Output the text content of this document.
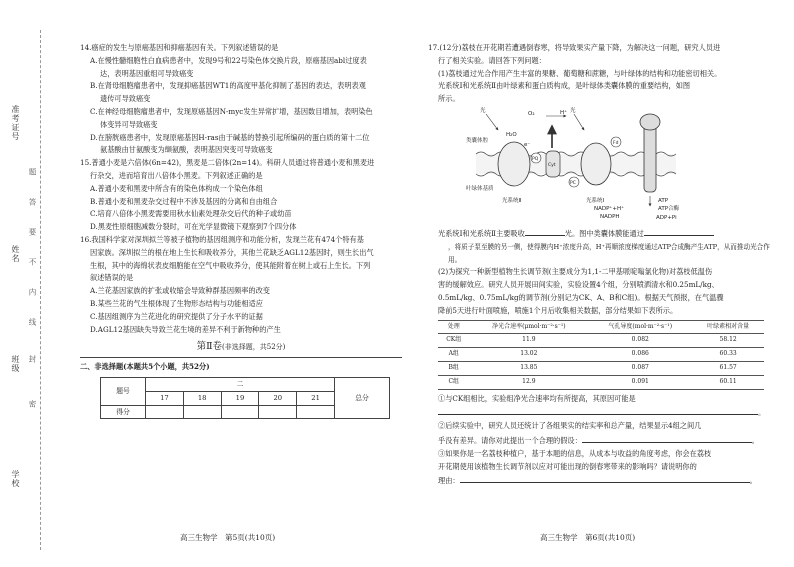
学校
班级
姓名
准考证号
密
封
线
内
不
要
答
题

14.癌症的发生与原癌基因和抑癌基因有关。下列叙述错误的是

A.在慢性髓细胞性白血病患者中，发现9号和22号染色体交换片段，原癌基因abl过度表

达，表明基因重组可导致癌变

B.在肾母细胞瘤患者中，发现抑癌基因WT1的高度甲基化抑制了基因的表达，表明表观

遗传可导致癌变

C.在神经母细胞瘤患者中，发现原癌基因N-myc发生异常扩增，基因数目增加，表明染色

体变异可导致癌变

D.在膀胱癌患者中，发现原癌基因H-ras由于碱基的替换引起所编码的蛋白质的第十二位

氨基酸由甘氨酸变为缬氨酸，表明基因突变可导致癌变

15.普通小麦是六倍体(6n=42)，黑麦是二倍体(2n=14)。科研人员通过将普通小麦和黑麦进

行杂交，进而培育出八倍体小黑麦。下列叙述正确的是

A.普通小麦和黑麦中所含有的染色体构成一个染色体组

B.普通小麦和黑麦杂交过程中不涉及基因的分离和自由组合

C.培育八倍体小黑麦需要用秋水仙素处理杂交后代的种子或幼苗

D.黑麦性原细胞减数分裂时，可在光学显微镜下观察到7个四分体

16.我国科学家对深圳拟兰等被子植物的基因组测序和功能分析，发现兰花有474个特有基

因家族。深圳拟兰的根在地上生长和吸收养分，其他兰花缺乏AGL12基因时，则生长出气

生根，其中的海绵状表皮细胞能在空气中吸收养分，使其能附着在树上或石上生长。下列

叙述错误的是

A.兰花基因家族的扩张或收缩会导致种群基因频率的改变

B.某些兰花的气生根体现了生物形态结构与功能相适应

C.基因组测序为兰花进化的研究提供了分子水平的证据

D.AGL12基因缺失导致兰花生境的差异不利于新物种的产生

第Ⅱ卷(非选择题，共52分)

二、非选择题(本题共5个小题，共52分)

题号	二					总分
	17	18	19	20	21	
得分						
高三生物学　第5页(共10页)

17.(12分)荔枝在开花期若遭遇倒春寒，将导致果实产量下降，为解决这一问题，研究人员进

行了相关实验。请回答下列问题：

(1)荔枝通过光合作用产生丰富的果糖、葡萄糖和蔗糖，与叶绿体的结构和功能密切相关。

光系统Ⅰ和光系统Ⅱ由叶绿素和蛋白质构成，是叶绿体类囊体膜的重要结构，如图

所示。

光	光
O₂	H⁺
e⁻
类囊体腔
H₂O
叶绿体基质
光系统Ⅱ	光系统Ⅰ
PQ
Cyt
PC
Fd
NADP⁺+H⁺
NADPH
ATP
ATP合酶
ADP+Pi

光系统Ⅰ和光系统Ⅱ主要吸收	光。图中类囊体膜能通过

，将质子泵至膜的另一侧，使得膜内H⁺浓度升高，H⁺再顺浓度梯度通过ATP合成酶产生ATP，从而推动光合作用。

(2)为探究一种新型植物生长调节剂(主要成分为1,1-二甲基哌啶嗡氯化物)对荔枝低温伤

害的缓解效应。研究人员开展田间实验，实验设置4个组，分别喷洒清水和0.25mL/kg、

0.5mL/kg、0.75mL/kg的调节剂(分别记为CK、A、B和C组)。根据天气预报，在气温骤

降前5天进行叶面喷施，喷施1个月后收集相关数据，部分结果如下表所示。

处理	净光合速率(μmol·m⁻²·s⁻¹)	气孔导度(mol·m⁻²·s⁻¹)	叶绿素相对含量
CK组	11.9	0.082	58.12
A组	13.02	0.086	60.33
B组	13.85	0.087	61.57
C组	12.9	0.091	60.11

①与CK组相比，实验组净光合速率均有所提高，其原因可能是

。

②后续实验中，研究人员还统计了各组果实的结实率和总产量，结果显示4组之间几

乎没有差异。请你对此提出一个合理的假设：	。

③如果你是一名荔枝种植户，基于本题的信息，从成本与收益的角度考虑，你会在荔枝

开花期使用该植物生长调节剂以应对可能出现的倒春寒带来的影响吗？请说明你的

理由：	。

高三生物学　第6页(共10页)
